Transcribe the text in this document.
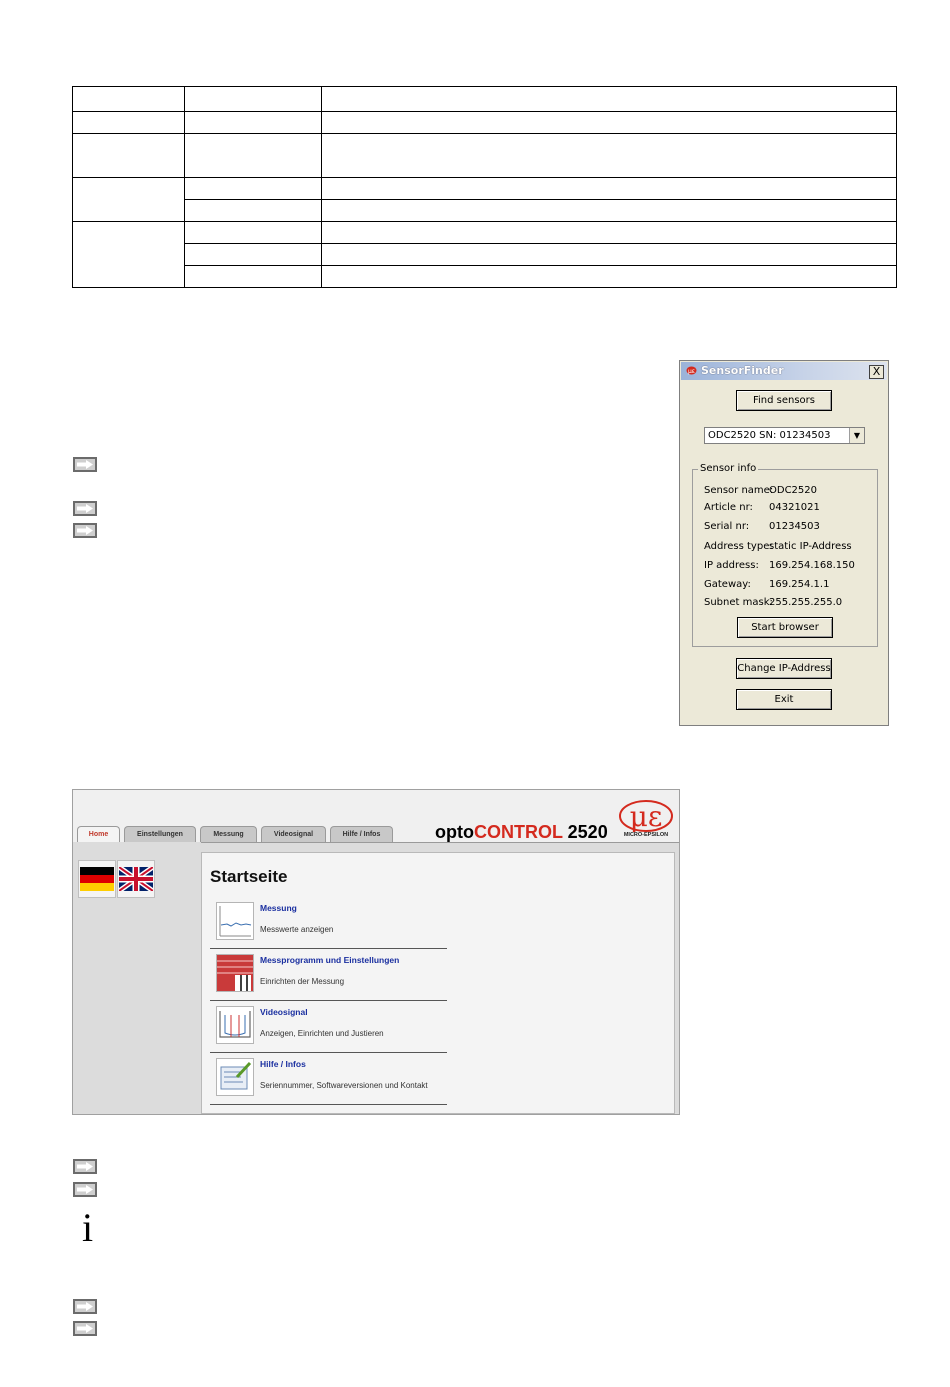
i
με SensorFinder	X
Find sensors
ODC2520 SN: 01234503	▼
Sensor info
Sensor name:
ODC2520
Article nr: 04321021
Serial nr: 01234503
Address type:
static IP-Address
IP address: 169.254.168.150
Gateway: 169.254.1.1
Subnet mask:
255.255.255.0
Start browser
Change IP-Address
Exit
Home	Einstellungen	Messung	Videosignal	Hilfe / Infos	optoCONTROL 2520 με
MICRO-EPSILON
Startseite
Messung
Messwerte anzeigen
Messprogramm und Einstellungen
Einrichten der Messung
Videosignal
Anzeigen, Einrichten und Justieren
Hilfe / Infos
Seriennummer, Softwareversionen und Kontakt
